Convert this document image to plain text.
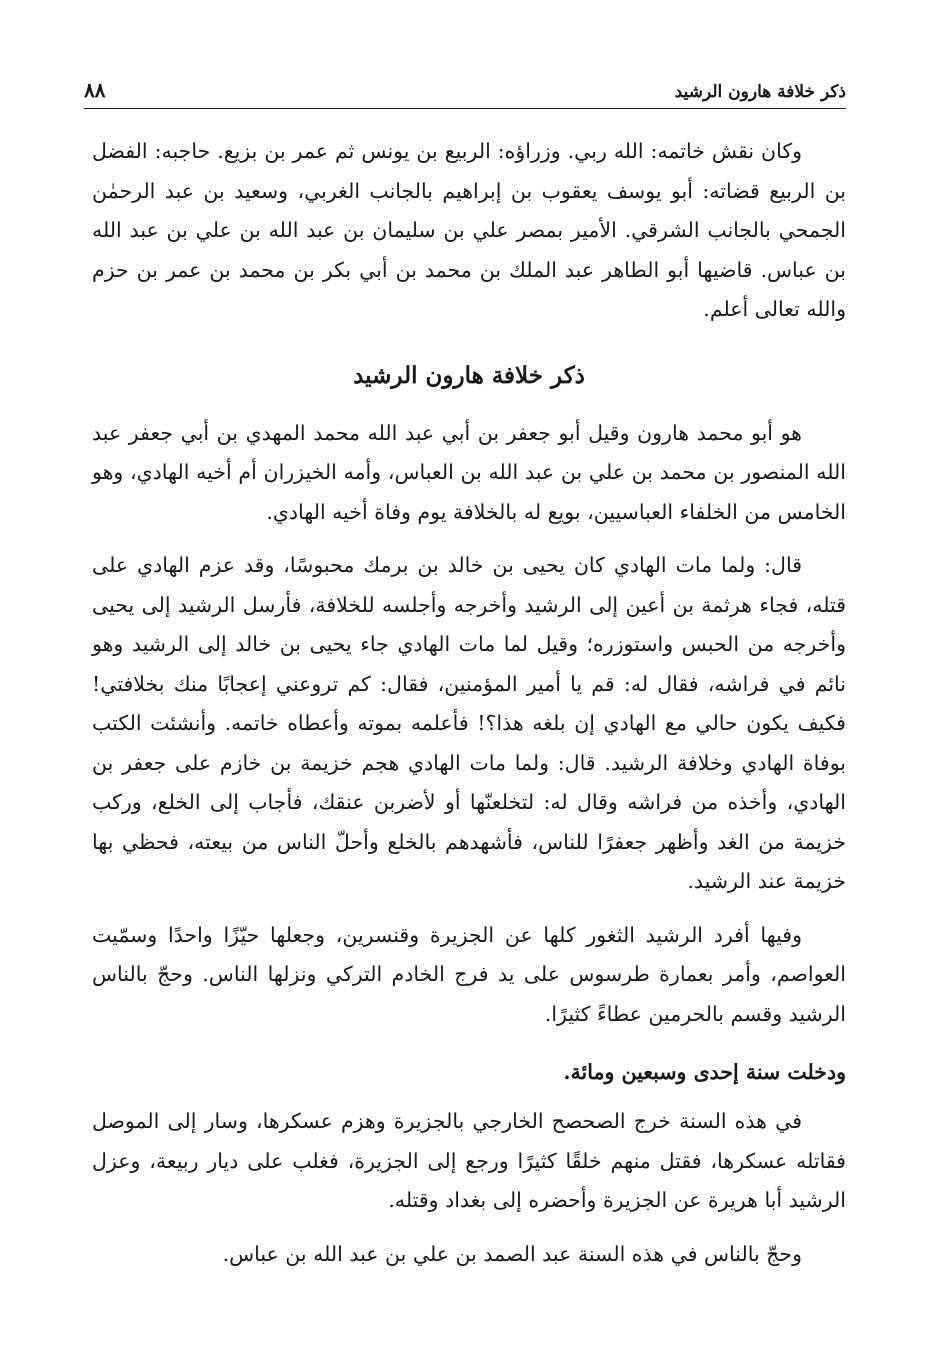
ذكر خلافة هارون الرشيد
٨٨

وكان نقش خاتمه: الله ربي. وزراؤه: الربيع بن يونس ثم عمر بن بزيع. حاجبه: الفضل بن الربيع قضاته: أبو يوسف يعقوب بن إبراهيم بالجانب الغربي، وسعيد بن عبد الرحمٰن الجمحي بالجانب الشرقي. الأمير بمصر علي بن سليمان بن عبد الله بن علي بن عبد الله بن عباس. قاضيها أبو الطاهر عبد الملك بن محمد بن أبي بكر بن محمد بن عمر بن حزم والله تعالى أعلم.

ذكر خلافة هارون الرشيد

هو أبو محمد هارون وقيل أبو جعفر بن أبي عبد الله محمد المهدي بن أبي جعفر عبد الله المنصور بن محمد بن علي بن عبد الله بن العباس، وأمه الخيزران أم أخيه الهادي، وهو الخامس من الخلفاء العباسيين، بويع له بالخلافة يوم وفاة أخيه الهادي.

قال: ولما مات الهادي كان يحيى بن خالد بن برمك محبوسًا، وقد عزم الهادي على قتله، فجاء هرثمة بن أعين إلى الرشيد وأخرجه وأجلسه للخلافة، فأرسل الرشيد إلى يحيى وأخرجه من الحبس واستوزره؛ وقيل لما مات الهادي جاء يحيى بن خالد إلى الرشيد وهو نائم في فراشه، فقال له: قم يا أمير المؤمنين، فقال: كم تروعني إعجابًا منك بخلافتي! فكيف يكون حالي مع الهادي إن بلغه هذا؟! فأعلمه بموته وأعطاه خاتمه. وأنشئت الكتب بوفاة الهادي وخلافة الرشيد. قال: ولما مات الهادي هجم خزيمة بن خازم على جعفر بن الهادي، وأخذه من فراشه وقال له: لتخلعنّها أو لأضربن عنقك، فأجاب إلى الخلع، وركب خزيمة من الغد وأظهر جعفرًا للناس، فأشهدهم بالخلع وأحلّ الناس من بيعته، فحظي بها خزيمة عند الرشيد.

وفيها أفرد الرشيد الثغور كلها عن الجزيرة وقنسرين، وجعلها حيّزًا واحدًا وسمّيت العواصم، وأمر بعمارة طرسوس على يد فرج الخادم التركي ونزلها الناس. وحجّ بالناس الرشيد وقسم بالحرمين عطاءً كثيرًا.

ودخلت سنة إحدى وسبعين ومائة.

في هذه السنة خرج الصحصح الخارجي بالجزيرة وهزم عسكرها، وسار إلى الموصل فقاتله عسكرها، فقتل منهم خلقًا كثيرًا ورجع إلى الجزيرة، فغلب على ديار ربيعة، وعزل الرشيد أبا هريرة عن الجزيرة وأحضره إلى بغداد وقتله.

وحجّ بالناس في هذه السنة عبد الصمد بن علي بن عبد الله بن عباس.
